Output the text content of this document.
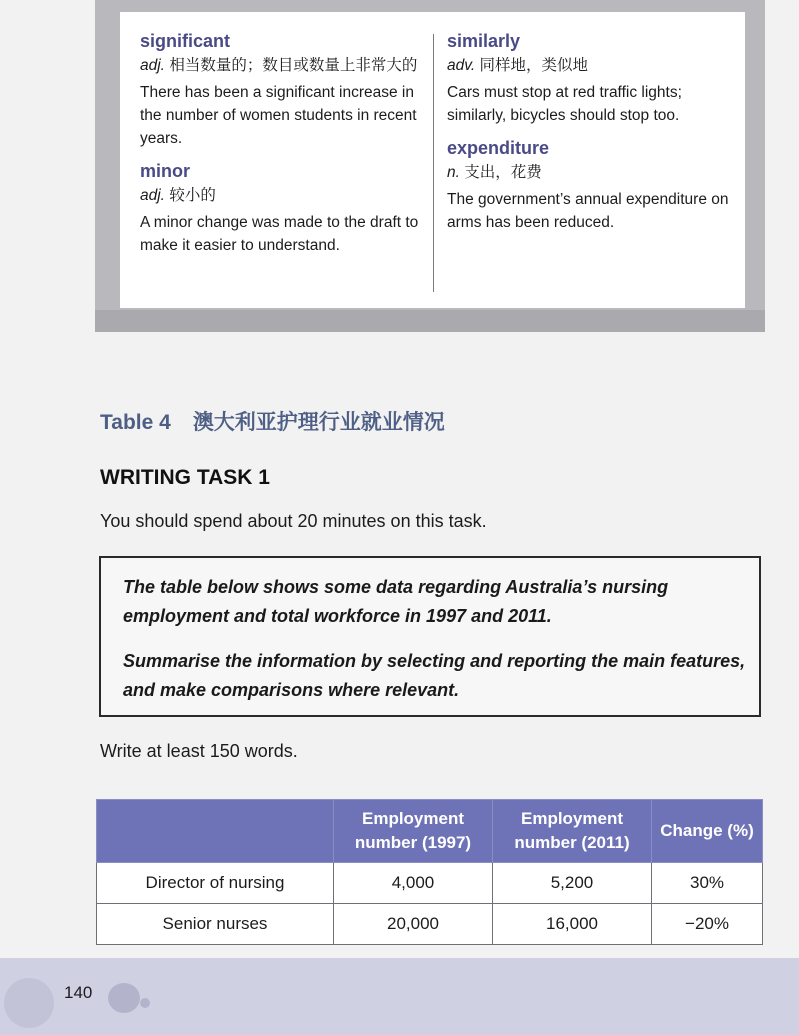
significant
adj. 相当数量的；数目或数量上非常大的
There has been a significant increase in the number of women students in recent years.
minor
adj. 较小的
A minor change was made to the draft to make it easier to understand.
similarly
adv. 同样地，类似地
Cars must stop at red traffic lights; similarly, bicycles should stop too.
expenditure
n. 支出，花费
The government’s annual expenditure on arms has been reduced.
Table 4 澳大利亚护理行业就业情况
WRITING TASK 1
You should spend about 20 minutes on this task.

The table below shows some data regarding Australia’s nursing employment and total workforce in 1997 and 2011.

Summarise the information by selecting and reporting the main features, and make comparisons where relevant.

Write at least 150 words.
	Employment number (1997)	Employment number (2011)	Change (%)
Director of nursing	4,000	5,200	30%
Senior nurses	20,000	16,000	−20%
140
